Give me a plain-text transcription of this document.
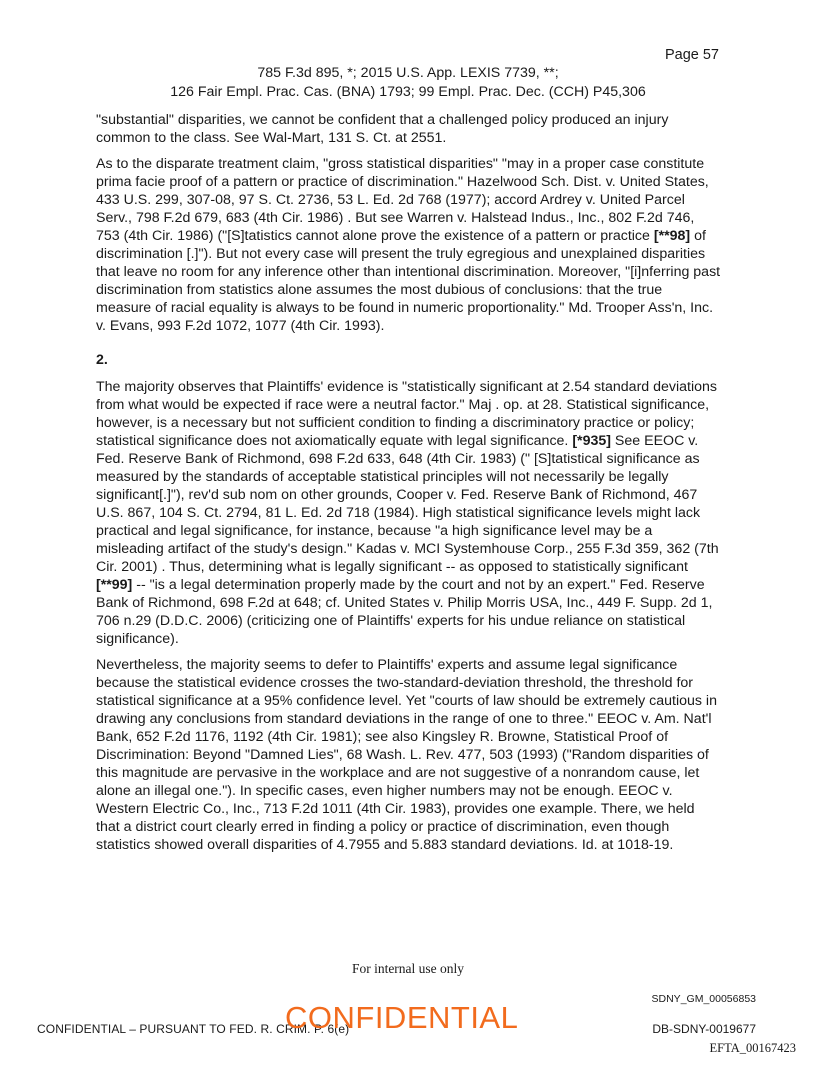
Page 57
785 F.3d 895, *; 2015 U.S. App. LEXIS 7739, **;
126 Fair Empl. Prac. Cas. (BNA) 1793; 99 Empl. Prac. Dec. (CCH) P45,306

"substantial" disparities, we cannot be confident that a challenged policy produced an injury common to the class. See Wal-Mart, 131 S. Ct. at 2551.

As to the disparate treatment claim, "gross statistical disparities" "may in a proper case constitute prima facie proof of a pattern or practice of discrimination." Hazelwood Sch. Dist. v. United States, 433 U.S. 299, 307-08, 97 S. Ct. 2736, 53 L. Ed. 2d 768 (1977); accord Ardrey v. United Parcel Serv., 798 F.2d 679, 683 (4th Cir. 1986) . But see Warren v. Halstead Indus., Inc., 802 F.2d 746, 753 (4th Cir. 1986) ("[S]tatistics cannot alone prove the existence of a pattern or practice [**98] of discrimination [.]"). But not every case will present the truly egregious and unexplained disparities that leave no room for any inference other than intentional discrimination. Moreover, "[i]nferring past discrimination from statistics alone assumes the most dubious of conclusions: that the true measure of racial equality is always to be found in numeric proportionality." Md. Trooper Ass'n, Inc. v. Evans, 993 F.2d 1072, 1077 (4th Cir. 1993).

2.

The majority observes that Plaintiffs' evidence is "statistically significant at 2.54 standard deviations from what would be expected if race were a neutral factor." Maj . op. at 28. Statistical significance, however, is a necessary but not sufficient condition to finding a discriminatory practice or policy; statistical significance does not axiomatically equate with legal significance. [*935] See EEOC v. Fed. Reserve Bank of Richmond, 698 F.2d 633, 648 (4th Cir. 1983) (" [S]tatistical significance as measured by the standards of acceptable statistical principles will not necessarily be legally significant[.]"), rev'd sub nom on other grounds, Cooper v. Fed. Reserve Bank of Richmond, 467 U.S. 867, 104 S. Ct. 2794, 81 L. Ed. 2d 718 (1984). High statistical significance levels might lack practical and legal significance, for instance, because "a high significance level may be a misleading artifact of the study's design." Kadas v. MCI Systemhouse Corp., 255 F.3d 359, 362 (7th Cir. 2001) . Thus, determining what is legally significant -- as opposed to statistically significant [**99] -- "is a legal determination properly made by the court and not by an expert." Fed. Reserve Bank of Richmond, 698 F.2d at 648; cf. United States v. Philip Morris USA, Inc., 449 F. Supp. 2d 1, 706 n.29 (D.D.C. 2006) (criticizing one of Plaintiffs' experts for his undue reliance on statistical significance).

Nevertheless, the majority seems to defer to Plaintiffs' experts and assume legal significance because the statistical evidence crosses the two-standard-deviation threshold, the threshold for statistical significance at a 95% confidence level. Yet "courts of law should be extremely cautious in drawing any conclusions from standard deviations in the range of one to three." EEOC v. Am. Nat'l Bank, 652 F.2d 1176, 1192 (4th Cir. 1981); see also Kingsley R. Browne, Statistical Proof of Discrimination: Beyond "Damned Lies", 68 Wash. L. Rev. 477, 503 (1993) ("Random disparities of this magnitude are pervasive in the workplace and are not suggestive of a nonrandom cause, let alone an illegal one."). In specific cases, even higher numbers may not be enough. EEOC v. Western Electric Co., Inc., 713 F.2d 1011 (4th Cir. 1983), provides one example. There, we held that a district court clearly erred in finding a policy or practice of discrimination, even though statistics showed overall disparities of 4.7955 and 5.883 standard deviations. Id. at 1018-19.

For internal use only
SDNY_GM_00056853
CONFIDENTIAL – PURSUANT TO FED. R. CRIM. P. 6(e)
CONFIDENTIAL	DB-SDNY-0019677
EFTA_00167423
